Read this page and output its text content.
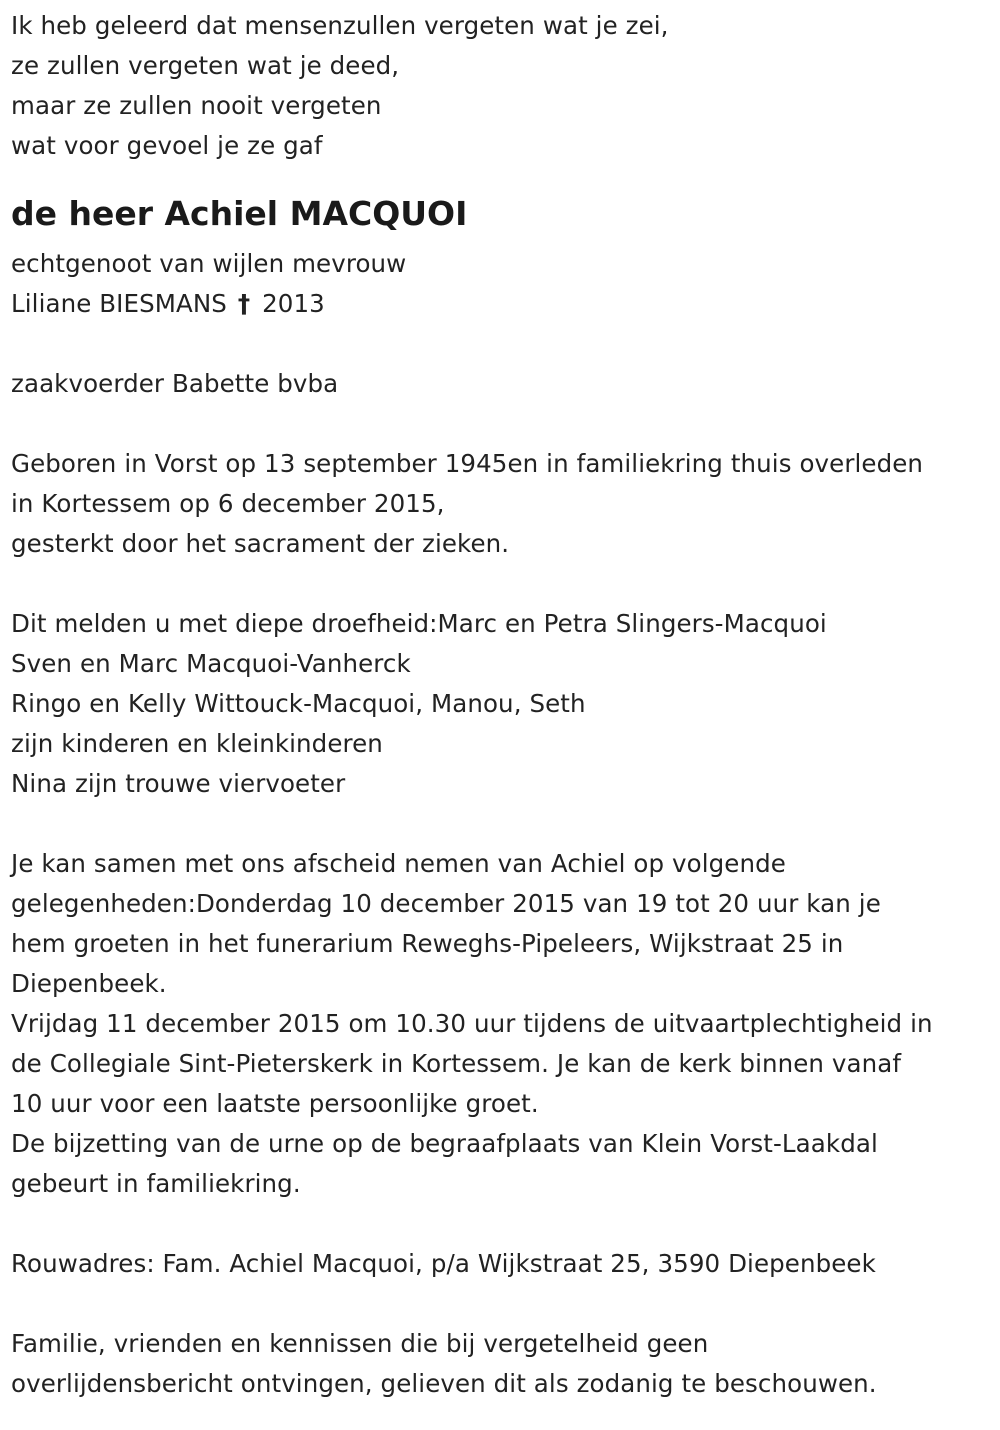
Ik heb geleerd dat mensenzullen vergeten wat je zei,
ze zullen vergeten wat je deed,
maar ze zullen nooit vergeten
wat voor gevoel je ze gaf
de heer Achiel MACQUOI
echtgenoot van wijlen mevrouw
Liliane BIESMANS † 2013
zaakvoerder Babette bvba
Geboren in Vorst op 13 september 1945en in familiekring thuis overleden
in Kortessem op 6 december 2015,
gesterkt door het sacrament der zieken.
Dit melden u met diepe droefheid:Marc en Petra Slingers-Macquoi
Sven en Marc Macquoi-Vanherck
Ringo en Kelly Wittouck-Macquoi, Manou, Seth
zijn kinderen en kleinkinderen
Nina zijn trouwe viervoeter
Je kan samen met ons afscheid nemen van Achiel op volgende
gelegenheden:Donderdag 10 december 2015 van 19 tot 20 uur kan je
hem groeten in het funerarium Reweghs-Pipeleers, Wijkstraat 25 in
Diepenbeek.
Vrijdag 11 december 2015 om 10.30 uur tijdens de uitvaartplechtigheid in
de Collegiale Sint-Pieterskerk in Kortessem. Je kan de kerk binnen vanaf
10 uur voor een laatste persoonlijke groet.
De bijzetting van de urne op de begraafplaats van Klein Vorst-Laakdal
gebeurt in familiekring.
Rouwadres: Fam. Achiel Macquoi, p/a Wijkstraat 25, 3590 Diepenbeek
Familie, vrienden en kennissen die bij vergetelheid geen
overlijdensbericht ontvingen, gelieven dit als zodanig te beschouwen.
